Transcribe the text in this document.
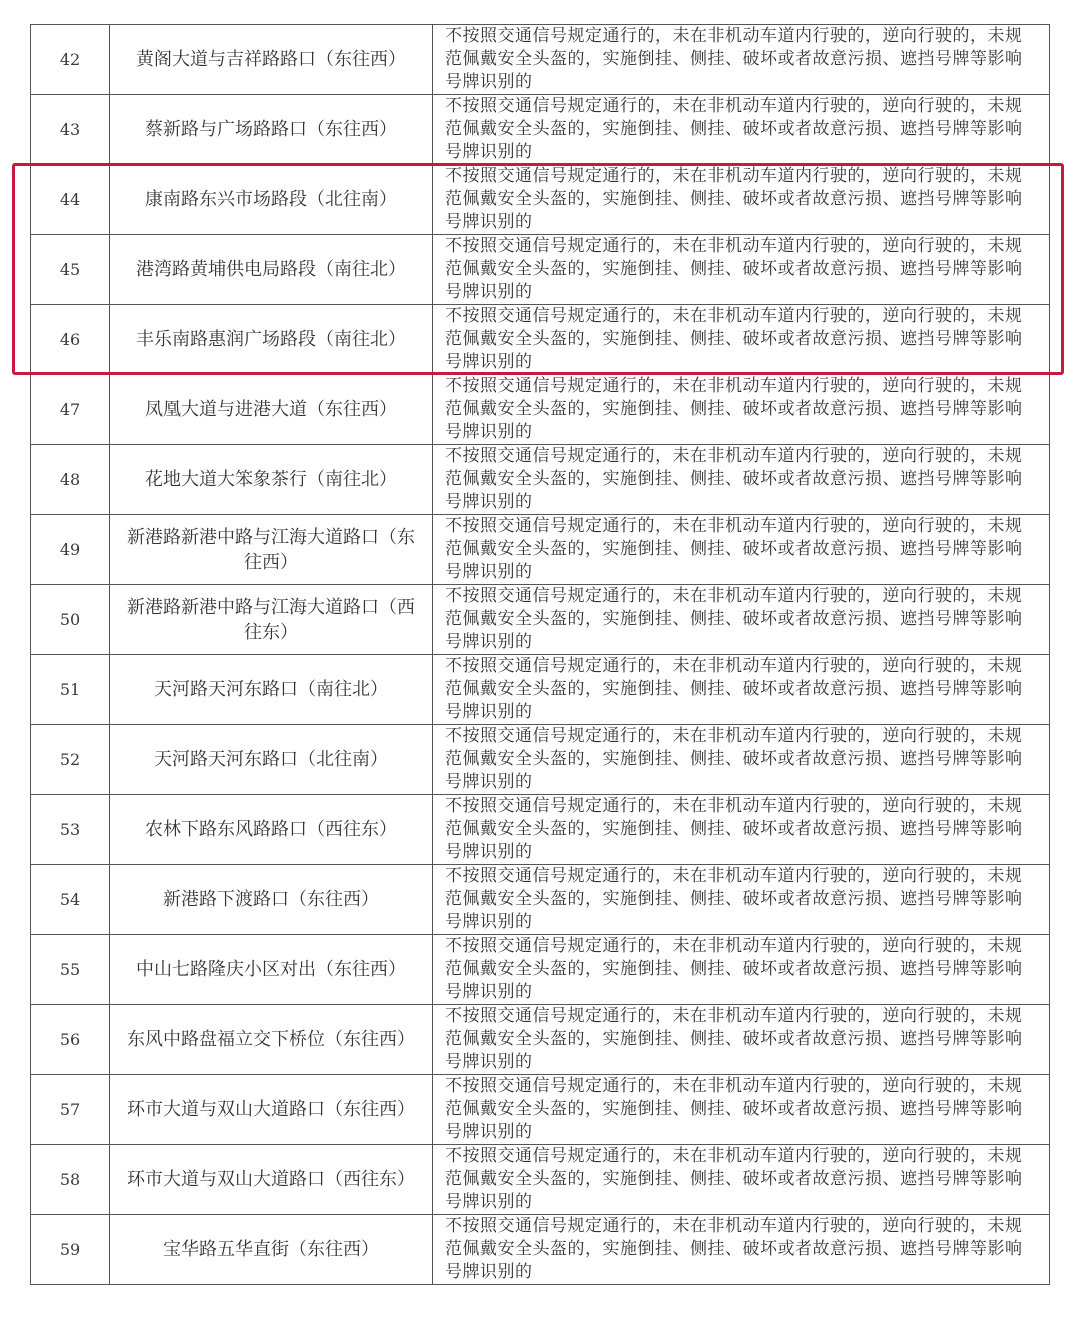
42	黄阁大道与吉祥路路口（东往西）	不按照交通信号规定通行的，未在非机动车道内行驶的，逆向行驶的，未规范佩戴安全头盔的，实施倒挂、侧挂、破坏或者故意污损、遮挡号牌等影响号牌识别的
43	蔡新路与广场路路口（东往西）	不按照交通信号规定通行的，未在非机动车道内行驶的，逆向行驶的，未规范佩戴安全头盔的，实施倒挂、侧挂、破坏或者故意污损、遮挡号牌等影响号牌识别的
44	康南路东兴市场路段（北往南）	不按照交通信号规定通行的，未在非机动车道内行驶的，逆向行驶的，未规范佩戴安全头盔的，实施倒挂、侧挂、破坏或者故意污损、遮挡号牌等影响号牌识别的
45	港湾路黄埔供电局路段（南往北）	不按照交通信号规定通行的，未在非机动车道内行驶的，逆向行驶的，未规范佩戴安全头盔的，实施倒挂、侧挂、破坏或者故意污损、遮挡号牌等影响号牌识别的
46	丰乐南路惠润广场路段（南往北）	不按照交通信号规定通行的，未在非机动车道内行驶的，逆向行驶的，未规范佩戴安全头盔的，实施倒挂、侧挂、破坏或者故意污损、遮挡号牌等影响号牌识别的
47	凤凰大道与进港大道（东往西）	不按照交通信号规定通行的，未在非机动车道内行驶的，逆向行驶的，未规范佩戴安全头盔的，实施倒挂、侧挂、破坏或者故意污损、遮挡号牌等影响号牌识别的
48	花地大道大笨象茶行（南往北）	不按照交通信号规定通行的，未在非机动车道内行驶的，逆向行驶的，未规范佩戴安全头盔的，实施倒挂、侧挂、破坏或者故意污损、遮挡号牌等影响号牌识别的
49	新港路新港中路与江海大道路口（东往西）	不按照交通信号规定通行的，未在非机动车道内行驶的，逆向行驶的，未规范佩戴安全头盔的，实施倒挂、侧挂、破坏或者故意污损、遮挡号牌等影响号牌识别的
50	新港路新港中路与江海大道路口（西往东）	不按照交通信号规定通行的，未在非机动车道内行驶的，逆向行驶的，未规范佩戴安全头盔的，实施倒挂、侧挂、破坏或者故意污损、遮挡号牌等影响号牌识别的
51	天河路天河东路口（南往北）	不按照交通信号规定通行的，未在非机动车道内行驶的，逆向行驶的，未规范佩戴安全头盔的，实施倒挂、侧挂、破坏或者故意污损、遮挡号牌等影响号牌识别的
52	天河路天河东路口（北往南）	不按照交通信号规定通行的，未在非机动车道内行驶的，逆向行驶的，未规范佩戴安全头盔的，实施倒挂、侧挂、破坏或者故意污损、遮挡号牌等影响号牌识别的
53	农林下路东风路路口（西往东）	不按照交通信号规定通行的，未在非机动车道内行驶的，逆向行驶的，未规范佩戴安全头盔的，实施倒挂、侧挂、破坏或者故意污损、遮挡号牌等影响号牌识别的
54	新港路下渡路口（东往西）	不按照交通信号规定通行的，未在非机动车道内行驶的，逆向行驶的，未规范佩戴安全头盔的，实施倒挂、侧挂、破坏或者故意污损、遮挡号牌等影响号牌识别的
55	中山七路隆庆小区对出（东往西）	不按照交通信号规定通行的，未在非机动车道内行驶的，逆向行驶的，未规范佩戴安全头盔的，实施倒挂、侧挂、破坏或者故意污损、遮挡号牌等影响号牌识别的
56	东风中路盘福立交下桥位（东往西）	不按照交通信号规定通行的，未在非机动车道内行驶的，逆向行驶的，未规范佩戴安全头盔的，实施倒挂、侧挂、破坏或者故意污损、遮挡号牌等影响号牌识别的
57	环市大道与双山大道路口（东往西）	不按照交通信号规定通行的，未在非机动车道内行驶的，逆向行驶的，未规范佩戴安全头盔的，实施倒挂、侧挂、破坏或者故意污损、遮挡号牌等影响号牌识别的
58	环市大道与双山大道路口（西往东）	不按照交通信号规定通行的，未在非机动车道内行驶的，逆向行驶的，未规范佩戴安全头盔的，实施倒挂、侧挂、破坏或者故意污损、遮挡号牌等影响号牌识别的
59	宝华路五华直街（东往西）	不按照交通信号规定通行的，未在非机动车道内行驶的，逆向行驶的，未规范佩戴安全头盔的，实施倒挂、侧挂、破坏或者故意污损、遮挡号牌等影响号牌识别的
